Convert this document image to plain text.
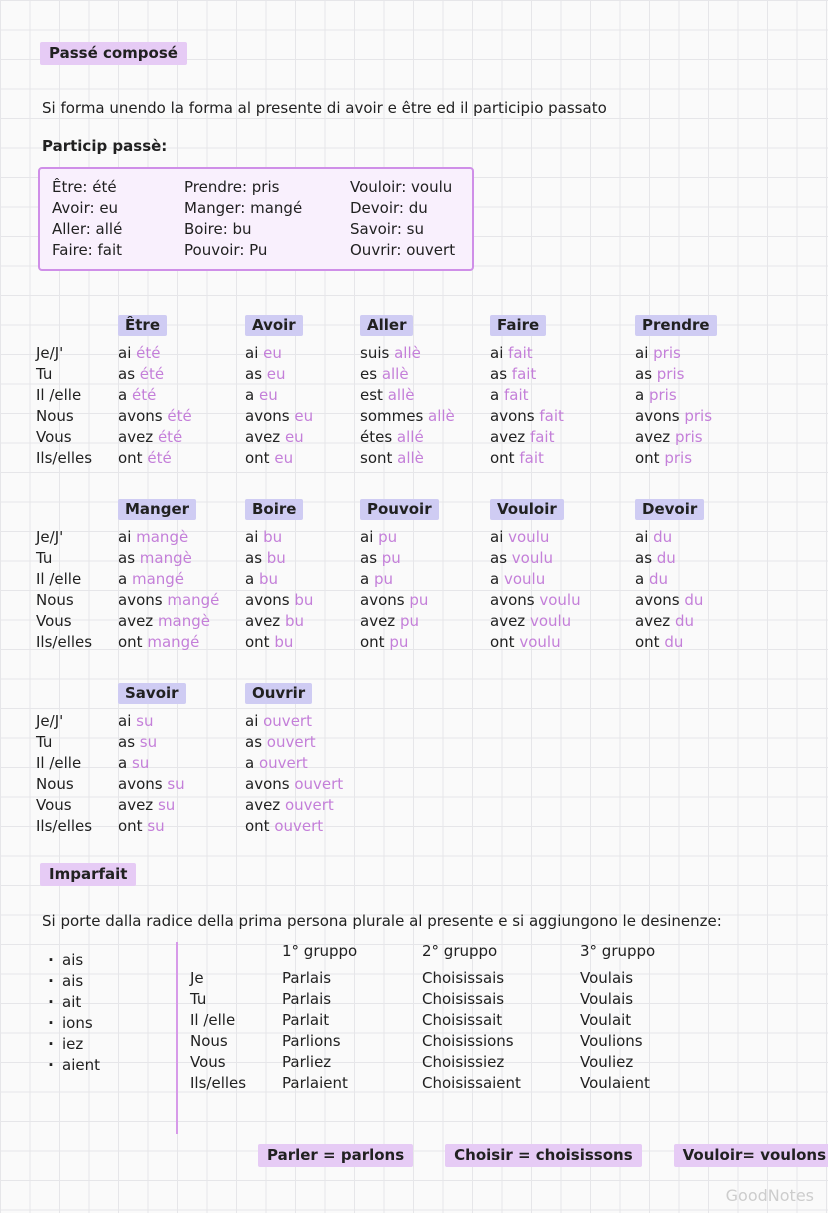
Passé composé

Si forma unendo la forma al presente di avoir e être ed il participio passato

Particip passè:

Être: été
Avoir: eu
Aller: allé
Faire: fait
Prendre: pris
Manger: mangé
Boire: bu
Pouvoir: Pu
Vouloir: voulu
Devoir: du
Savoir: su
Ouvrir: ouvert

Je/J'
Tu
Il /elle
Nous
Vous
Ils/elles
Être
ai été
as été
a été
avons été
avez été
ont été
Avoir
ai eu
as eu
a eu
avons eu
avez eu
ont eu
Aller
suis allè
es allè
est allè
sommes allè
étes allé
sont allè
Faire
ai fait
as fait
a fait
avons fait
avez fait
ont fait
Prendre
ai pris
as pris
a pris
avons pris
avez pris
ont pris

Je/J'
Tu
Il /elle
Nous
Vous
Ils/elles
Manger
ai mangè
as mangè
a mangé
avons mangé
avez mangè
ont mangé
Boire
ai bu
as bu
a bu
avons bu
avez bu
ont bu
Pouvoir
ai pu
as pu
a pu
avons pu
avez pu
ont pu
Vouloir
ai voulu
as voulu
a voulu
avons voulu
avez voulu
ont voulu
Devoir
ai du
as du
a du
avons du
avez du
ont du

Je/J'
Tu
Il /elle
Nous
Vous
Ils/elles
Savoir
ai su
as su
a su
avons su
avez su
ont su
Ouvrir
ai ouvert
as ouvert
a ouvert
avons ouvert
avez ouvert
ont ouvert
Imparfait

Si porte dalla radice della prima persona plurale al presente e si aggiungono le desinenze:

· ais
· ais
· ait
· ions
· iez
· aient
Je
Tu
Il /elle
Nous
Vous
Ils/elles
1° gruppo
Parlais
Parlais
Parlait
Parlions
Parliez
Parlaient
2° gruppo
Choisissais
Choisissais
Choisissait
Choisissions
Choisissiez
Choisissaient
3° gruppo
Voulais
Voulais
Voulait
Voulions
Vouliez
Voulaient
Parler = parlons	Choisir = choisissons	Vouloir= voulons
GoodNotes
